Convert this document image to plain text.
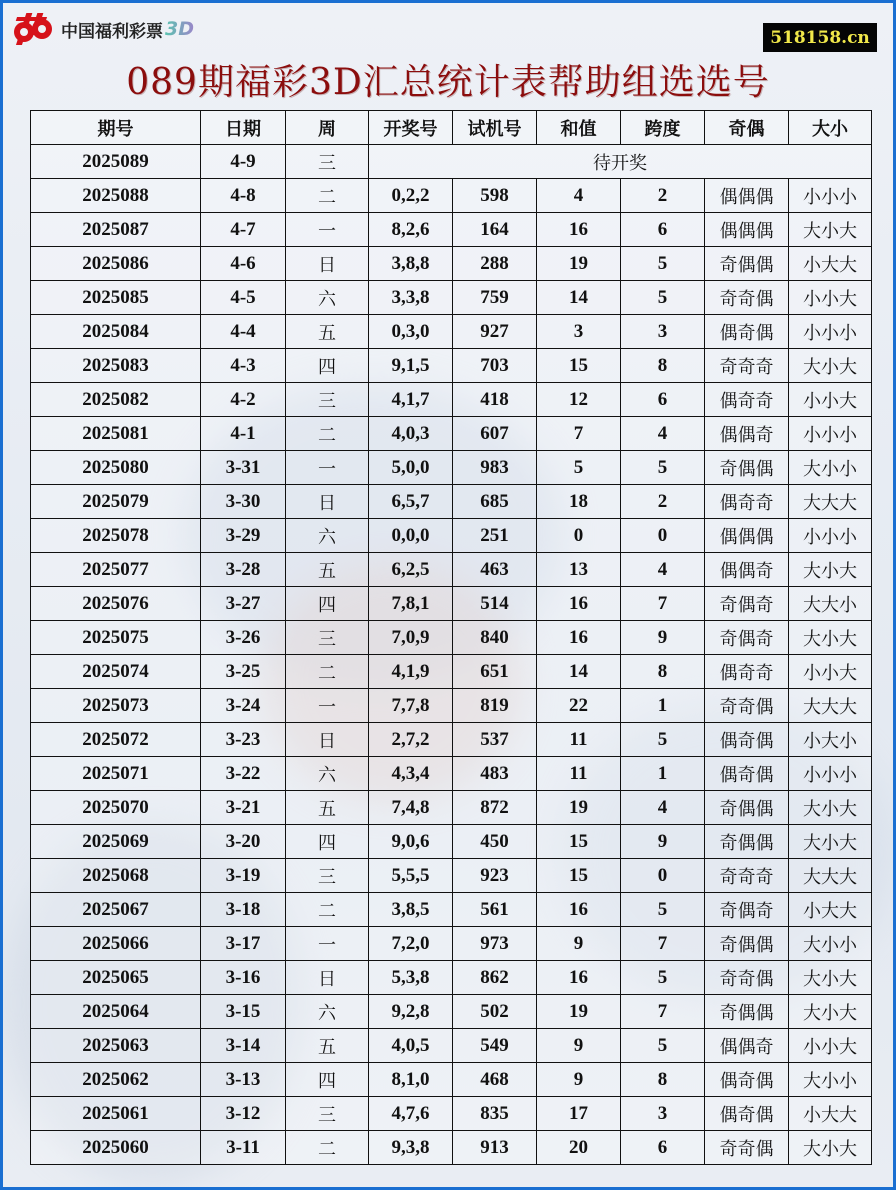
中国福利彩票 3D	518158.cn
089期福彩3D汇总统计表帮助组选选号
期号	日期	周	开奖号	试机号	和值	跨度	奇偶	大小
2025089	4-9	三	待开奖					
2025088	4-8	二	0,2,2	598	4	2	偶偶偶	小小小
2025087	4-7	一	8,2,6	164	16	6	偶偶偶	大小大
2025086	4-6	日	3,8,8	288	19	5	奇偶偶	小大大
2025085	4-5	六	3,3,8	759	14	5	奇奇偶	小小大
2025084	4-4	五	0,3,0	927	3	3	偶奇偶	小小小
2025083	4-3	四	9,1,5	703	15	8	奇奇奇	大小大
2025082	4-2	三	4,1,7	418	12	6	偶奇奇	小小大
2025081	4-1	二	4,0,3	607	7	4	偶偶奇	小小小
2025080	3-31	一	5,0,0	983	5	5	奇偶偶	大小小
2025079	3-30	日	6,5,7	685	18	2	偶奇奇	大大大
2025078	3-29	六	0,0,0	251	0	0	偶偶偶	小小小
2025077	3-28	五	6,2,5	463	13	4	偶偶奇	大小大
2025076	3-27	四	7,8,1	514	16	7	奇偶奇	大大小
2025075	3-26	三	7,0,9	840	16	9	奇偶奇	大小大
2025074	3-25	二	4,1,9	651	14	8	偶奇奇	小小大
2025073	3-24	一	7,7,8	819	22	1	奇奇偶	大大大
2025072	3-23	日	2,7,2	537	11	5	偶奇偶	小大小
2025071	3-22	六	4,3,4	483	11	1	偶奇偶	小小小
2025070	3-21	五	7,4,8	872	19	4	奇偶偶	大小大
2025069	3-20	四	9,0,6	450	15	9	奇偶偶	大小大
2025068	3-19	三	5,5,5	923	15	0	奇奇奇	大大大
2025067	3-18	二	3,8,5	561	16	5	奇偶奇	小大大
2025066	3-17	一	7,2,0	973	9	7	奇偶偶	大小小
2025065	3-16	日	5,3,8	862	16	5	奇奇偶	大小大
2025064	3-15	六	9,2,8	502	19	7	奇偶偶	大小大
2025063	3-14	五	4,0,5	549	9	5	偶偶奇	小小大
2025062	3-13	四	8,1,0	468	9	8	偶奇偶	大小小
2025061	3-12	三	4,7,6	835	17	3	偶奇偶	小大大
2025060	3-11	二	9,3,8	913	20	6	奇奇偶	大小大
